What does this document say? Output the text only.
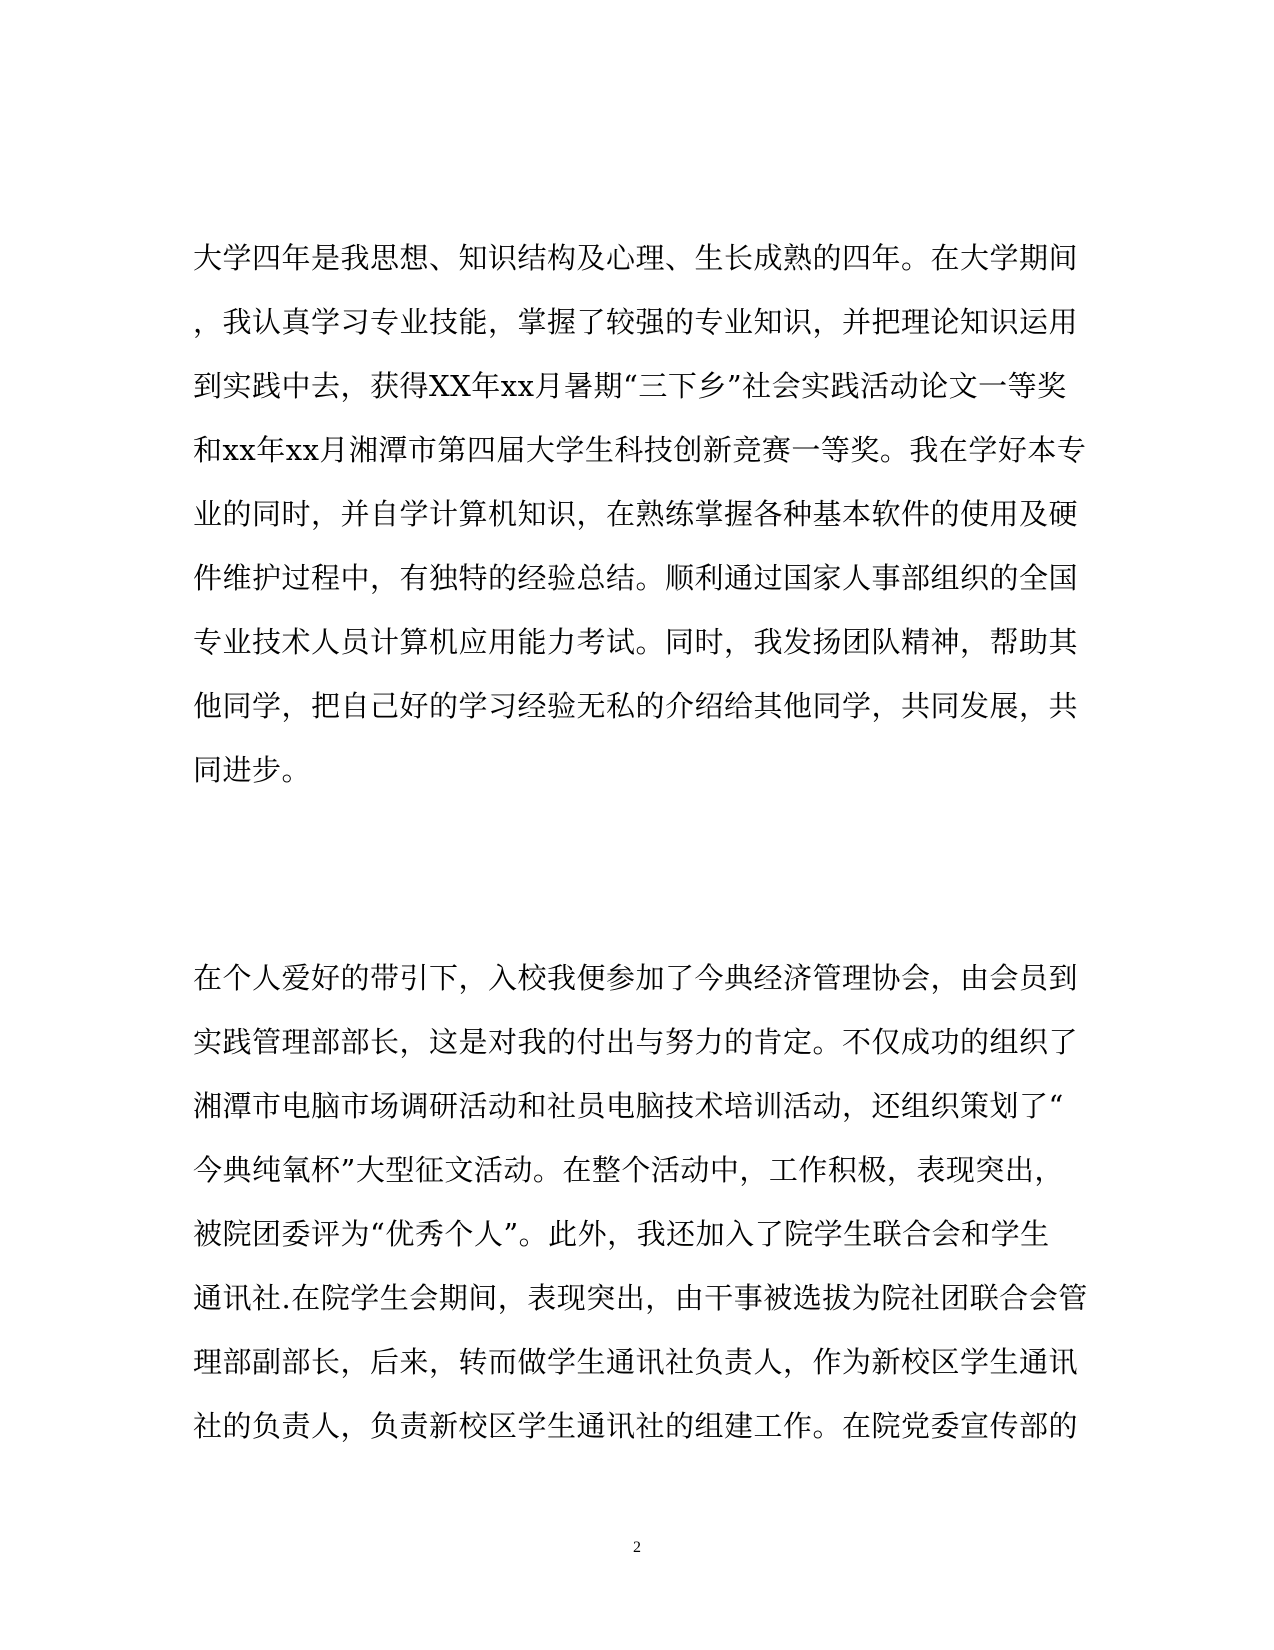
大学四年是我思想、知识结构及心理、生长成熟的四年。在大学期间
，我认真学习专业技能，掌握了较强的专业知识，并把理论知识运用
到实践中去，获得XX年xx月暑期“三下乡”社会实践活动论文一等奖
和xx年xx月湘潭市第四届大学生科技创新竞赛一等奖。我在学好本专
业的同时，并自学计算机知识，在熟练掌握各种基本软件的使用及硬
件维护过程中，有独特的经验总结。顺利通过国家人事部组织的全国
专业技术人员计算机应用能力考试。同时，我发扬团队精神，帮助其
他同学，把自己好的学习经验无私的介绍给其他同学，共同发展，共
同进步。
在个人爱好的带引下，入校我便参加了今典经济管理协会，由会员到
实践管理部部长，这是对我的付出与努力的肯定。不仅成功的组织了
湘潭市电脑市场调研活动和社员电脑技术培训活动，还组织策划了“
今典纯氧杯”大型征文活动。在整个活动中，工作积极，表现突出，
被院团委评为“优秀个人”。此外，我还加入了院学生联合会和学生
通讯社.在院学生会期间，表现突出，由干事被选拔为院社团联合会管
理部副部长，后来，转而做学生通讯社负责人，作为新校区学生通讯
社的负责人，负责新校区学生通讯社的组建工作。在院党委宣传部的
2
